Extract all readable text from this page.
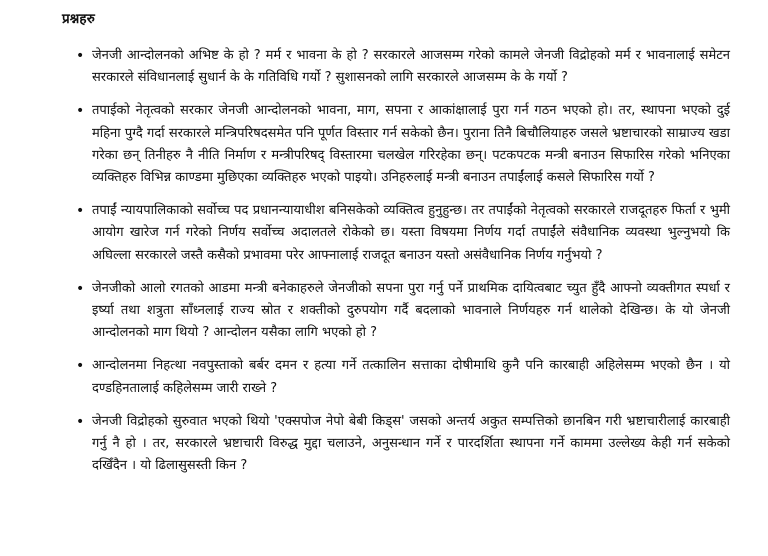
प्रश्नहरु
• जेनजी आन्दोलनको अभिष्ट के हो ? मर्म र भावना के हो ? सरकारले आजसम्म गरेको कामले जेनजी विद्रोहको मर्म र भावनालाई समेटन सरकारले संविधानलाई सुधार्न के के गतिविधि गर्यो ? सुशासनको लागि सरकारले आजसम्म के के गर्यो ?
• तपाईको नेतृत्वको सरकार जेनजी आन्दोलनको भावना, माग, सपना र आकांक्षालाई पुरा गर्न गठन भएको हो। तर, स्थापना भएको दुई महिना पुग्दै गर्दा सरकारले मन्त्रिपरिषदसमेत पनि पूर्णत विस्तार गर्न सकेको छैन। पुराना तिनै बिचौलियाहरु जसले भ्रष्टाचारको साम्राज्य खडा गरेका छन् तिनीहरु नै नीति निर्माण र मन्त्रीपरिषद् विस्तारमा चलखेल गरिरहेका छन्। पटकपटक मन्त्री बनाउन सिफारिस गरेको भनिएका व्यक्तिहरु विभिन्न काण्डमा मुछिएका व्यक्तिहरु भएको पाइयो। उनिहरुलाई मन्त्री बनाउन तपाईंलाई कसले सिफारिस गर्यो ?
• तपाईं न्यायपालिकाको सर्वोच्च पद प्रधानन्यायाधीश बनिसकेको व्यक्तित्व हुनुहुन्छ। तर तपाईंको नेतृत्वको सरकारले राजदूतहरु फिर्ता र भुमी आयोग खारेज गर्न गरेको निर्णय सर्वोच्च अदालतले रोकेको छ। यस्ता विषयमा निर्णय गर्दा तपाईंले संवैधानिक व्यवस्था भुल्नुभयो कि अघिल्ला सरकारले जस्तै कसैको प्रभावमा परेर आफ्नालाई राजदूत बनाउन यस्तो असंवैधानिक निर्णय गर्नुभयो ?
• जेनजीको आलो रगतको आडमा मन्त्री बनेकाहरुले जेनजीको सपना पुरा गर्नु पर्ने प्राथमिक दायित्वबाट च्युत हुँदै आफ्नो व्यक्तीगत स्पर्धा र इर्ष्या तथा शत्रुता साँध्नलाई राज्य स्रोत र शक्तीको दुरुपयोग गर्दै बदलाको भावनाले निर्णयहरु गर्न थालेको देखिन्छ। के यो जेनजी आन्दोलनको माग थियो ? आन्दोलन यसैका लागि भएको हो ?
• आन्दोलनमा निहत्था नवपुस्ताको बर्बर दमन र हत्या गर्ने तत्कालिन सत्ताका दोषीमाथि कुनै पनि कारबाही अहिलेसम्म भएको छैन । यो दण्डहिनतालाई कहिलेसम्म जारी राख्ने ?
• जेनजी विद्रोहको सुरुवात भएको थियो 'एक्सपोज नेपो बेबी किड्स' जसको अन्तर्य अकुत सम्पत्तिको छानबिन गरी भ्रष्टाचारीलाई कारबाही गर्नु नै हो । तर, सरकारले भ्रष्टाचारी विरुद्ध मुद्दा चलाउने, अनुसन्धान गर्ने र पारदर्शिता स्थापना गर्ने काममा उल्लेख्य केही गर्न सकेको दखिँदैन । यो ढिलासुसस्ती किन ?
